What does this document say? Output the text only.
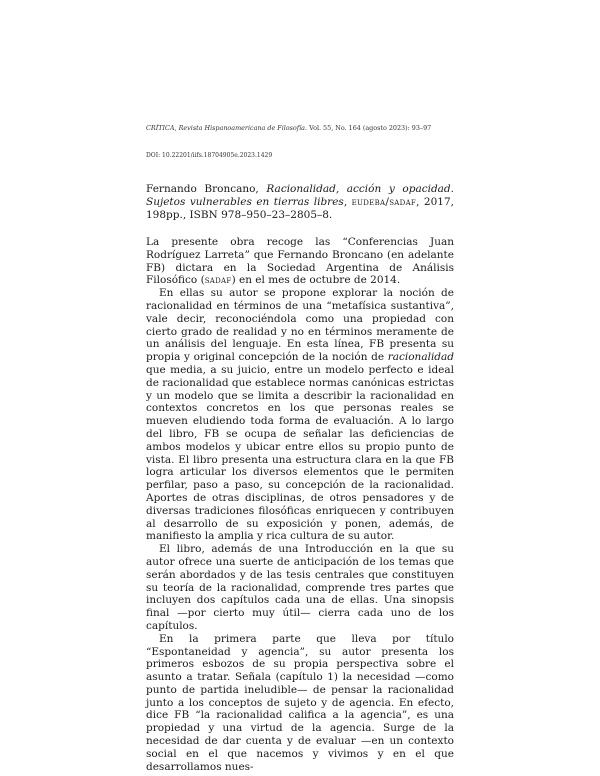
CRÍTICA, Revista Hispanoamericana de Filosofía. Vol. 55, No. 164 (agosto 2023): 93–97
DOI: 10.22201/iifs.18704905e.2023.1429
Fernando Broncano, Racionalidad, acción y opacidad. Sujetos vulnerables en tierras libres, eudeba/sadaf, 2017, 198pp., ISBN 978–950–23–2805–8.

La presente obra recoge las “Conferencias Juan Rodríguez Larreta” que Fernando Broncano (en adelante FB) dictara en la Sociedad Argentina de Análisis Filosófico (sadaf) en el mes de octubre de 2014.

En ellas su autor se propone explorar la noción de racionalidad en términos de una “metafísica sustantiva”, vale decir, reconociéndola como una propiedad con cierto grado de realidad y no en términos meramente de un análisis del lenguaje. En esta línea, FB presenta su propia y original concepción de la noción de racionalidad que media, a su juicio, entre un modelo perfecto e ideal de racionalidad que establece normas canónicas estrictas y un modelo que se limita a describir la racionalidad en contextos concretos en los que personas reales se mueven eludiendo toda forma de evaluación. A lo largo del libro, FB se ocupa de señalar las deficiencias de ambos modelos y ubicar entre ellos su propio punto de vista. El libro presenta una estructura clara en la que FB logra articular los diversos elementos que le permiten perfilar, paso a paso, su concepción de la racionalidad. Aportes de otras disciplinas, de otros pensadores y de diversas tradiciones filosóficas enriquecen y contribuyen al desarrollo de su exposición y ponen, además, de manifiesto la amplia y rica cultura de su autor.

El libro, además de una Introducción en la que su autor ofrece una suerte de anticipación de los temas que serán abordados y de las tesis centrales que constituyen su teoría de la racionalidad, comprende tres partes que incluyen dos capítulos cada una de ellas. Una sinopsis final —por cierto muy útil— cierra cada uno de los capítulos.

En la primera parte que lleva por título “Espontaneidad y agencia”, su autor presenta los primeros esbozos de su propia perspectiva sobre el asunto a tratar. Señala (capítulo 1) la necesidad —como punto de partida ineludible— de pensar la racionalidad junto a los conceptos de sujeto y de agencia. En efecto, dice FB “la racionalidad califica a la agencia”, es una propiedad y una virtud de la agencia. Surge de la necesidad de dar cuenta y de evaluar —en un contexto social en el que nacemos y vivimos y en el que desarrollamos nues-
